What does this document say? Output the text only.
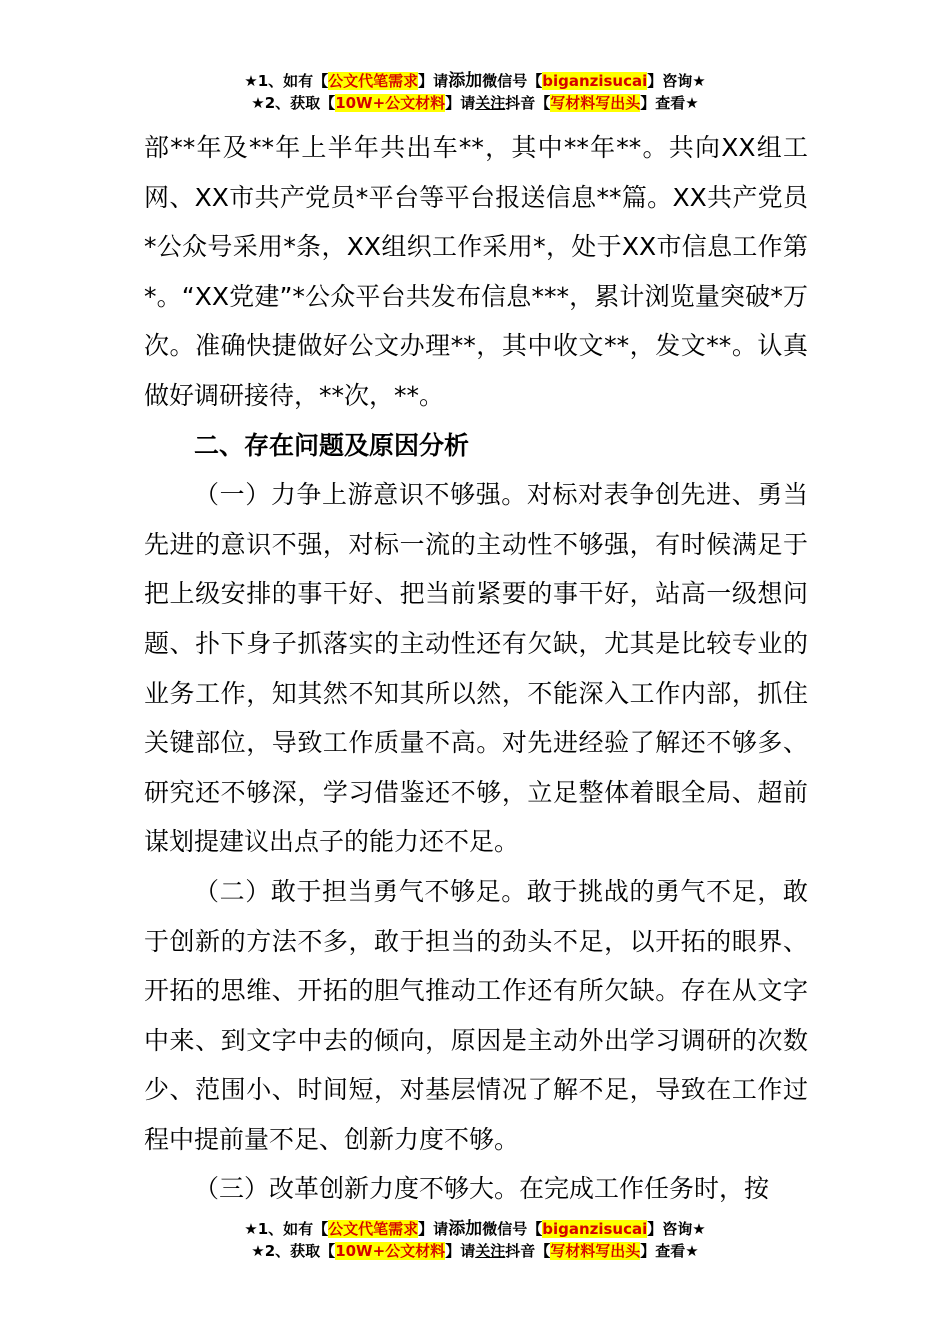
★1、如有【公文代笔需求】请添加微信号【biganzisucai】咨询★
★2、获取【10W+公文材料】请关注抖音【写材料写出头】查看★

部**年及**年上半年共出车**，其中**年**。共向XX组工网、XX市共产党员*平台等平台报送信息**篇。XX共产党员*公众号采用*条，XX组织工作采用*，处于XX市信息工作第*。“XX党建”*公众平台共发布信息***，累计浏览量突破*万次。准确快捷做好公文办理**，其中收文**，发文**。认真做好调研接待，**次，**。

二、存在问题及原因分析

（一）力争上游意识不够强。对标对表争创先进、勇当先进的意识不强，对标一流的主动性不够强，有时候满足于把上级安排的事干好、把当前紧要的事干好，站高一级想问题、扑下身子抓落实的主动性还有欠缺，尤其是比较专业的业务工作，知其然不知其所以然，不能深入工作内部，抓住关键部位，导致工作质量不高。对先进经验了解还不够多、研究还不够深，学习借鉴还不够，立足整体着眼全局、超前谋划提建议出点子的能力还不足。

（二）敢于担当勇气不够足。敢于挑战的勇气不足，敢于创新的方法不多，敢于担当的劲头不足，以开拓的眼界、开拓的思维、开拓的胆气推动工作还有所欠缺。存在从文字中来、到文字中去的倾向，原因是主动外出学习调研的次数少、范围小、时间短，对基层情况了解不足，导致在工作过程中提前量不足、创新力度不够。

（三）改革创新力度不够大。在完成工作任务时，按

★1、如有【公文代笔需求】请添加微信号【biganzisucai】咨询★
★2、获取【10W+公文材料】请关注抖音【写材料写出头】查看★
